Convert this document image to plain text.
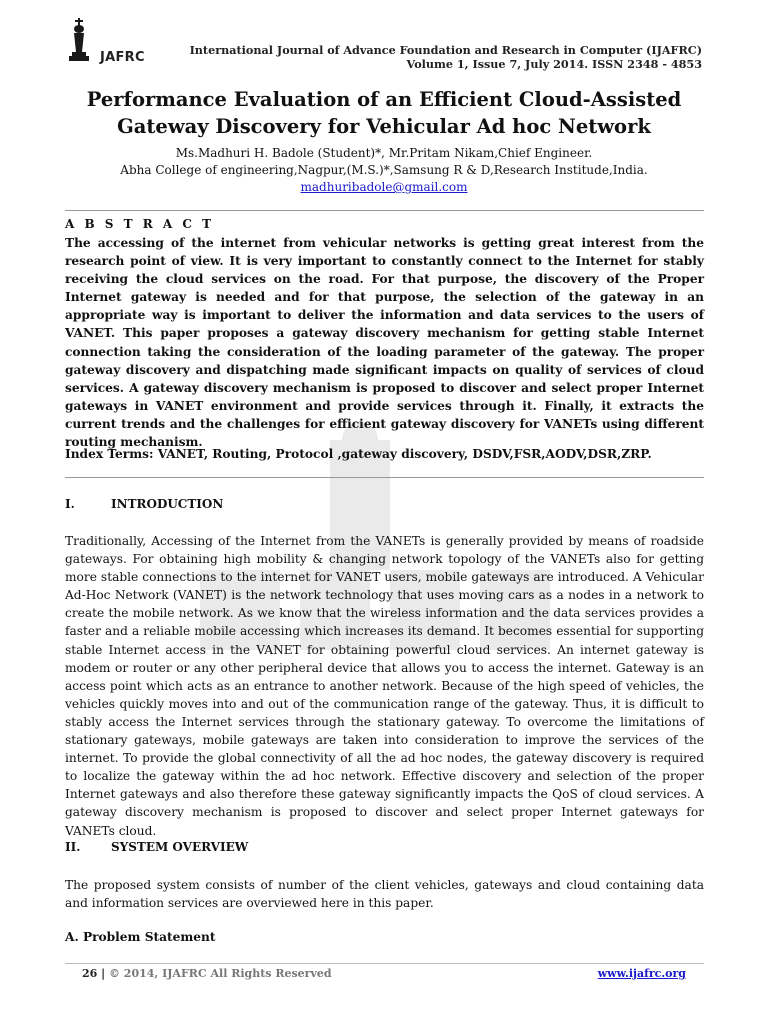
JAFRC	International Journal of Advance Foundation and Research in Computer (IJAFRC)
Volume 1, Issue 7, July 2014. ISSN 2348 - 4853
Performance Evaluation of an Efficient Cloud-Assisted
Gateway Discovery for Vehicular Ad hoc Network
Ms.Madhuri H. Badole (Student)*, Mr.Pritam Nikam,Chief Engineer.
Abha College of engineering,Nagpur,(M.S.)*,Samsung R & D,Research Institude,India.
madhuribadole@gmail.com
A B S T R A C T

The accessing of the internet from vehicular networks is getting great interest from the research point of view. It is very important to constantly connect to the Internet for stably receiving the cloud services on the road. For that purpose, the discovery of the Proper Internet gateway is needed and for that purpose, the selection of the gateway in an appropriate way is important to deliver the information and data services to the users of VANET. This paper proposes a gateway discovery mechanism for getting stable Internet connection taking the consideration of the loading parameter of the gateway. The proper gateway discovery and dispatching made significant impacts on quality of services of cloud services. A gateway discovery mechanism is proposed to discover and select proper Internet gateways in VANET environment and provide services through it. Finally, it extracts the current trends and the challenges for efficient gateway discovery for VANETs using different routing mechanism.

Index Terms: VANET, Routing, Protocol ,gateway discovery, DSDV,FSR,AODV,DSR,ZRP.
I.	INTRODUCTION

Traditionally, Accessing of the Internet from the VANETs is generally provided by means of roadside gateways. For obtaining high mobility & changing network topology of the VANETs also for getting more stable connections to the internet for VANET users, mobile gateways are introduced. A Vehicular Ad-Hoc Network (VANET) is the network technology that uses moving cars as a nodes in a network to create the mobile network. As we know that the wireless information and the data services provides a faster and a reliable mobile accessing which increases its demand. It becomes essential for supporting stable Internet access in the VANET for obtaining powerful cloud services. An internet gateway is modem or router or any other peripheral device that allows you to access the internet. Gateway is an access point which acts as an entrance to another network. Because of the high speed of vehicles, the vehicles quickly moves into and out of the communication range of the gateway. Thus, it is difficult to stably access the Internet services through the stationary gateway. To overcome the limitations of stationary gateways, mobile gateways are taken into consideration to improve the services of the internet. To provide the global connectivity of all the ad hoc nodes, the gateway discovery is required to localize the gateway within the ad hoc network. Effective discovery and selection of the proper Internet gateways and also therefore these gateway significantly impacts the QoS of cloud services. A gateway discovery mechanism is proposed to discover and select proper Internet gateways for VANETs cloud.

II.	SYSTEM OVERVIEW

The proposed system consists of number of the client vehicles, gateways and cloud containing data and information services are overviewed here in this paper.

A. Problem Statement
26 | © 2014, IJAFRC All Rights Reserved	www.ijafrc.org
